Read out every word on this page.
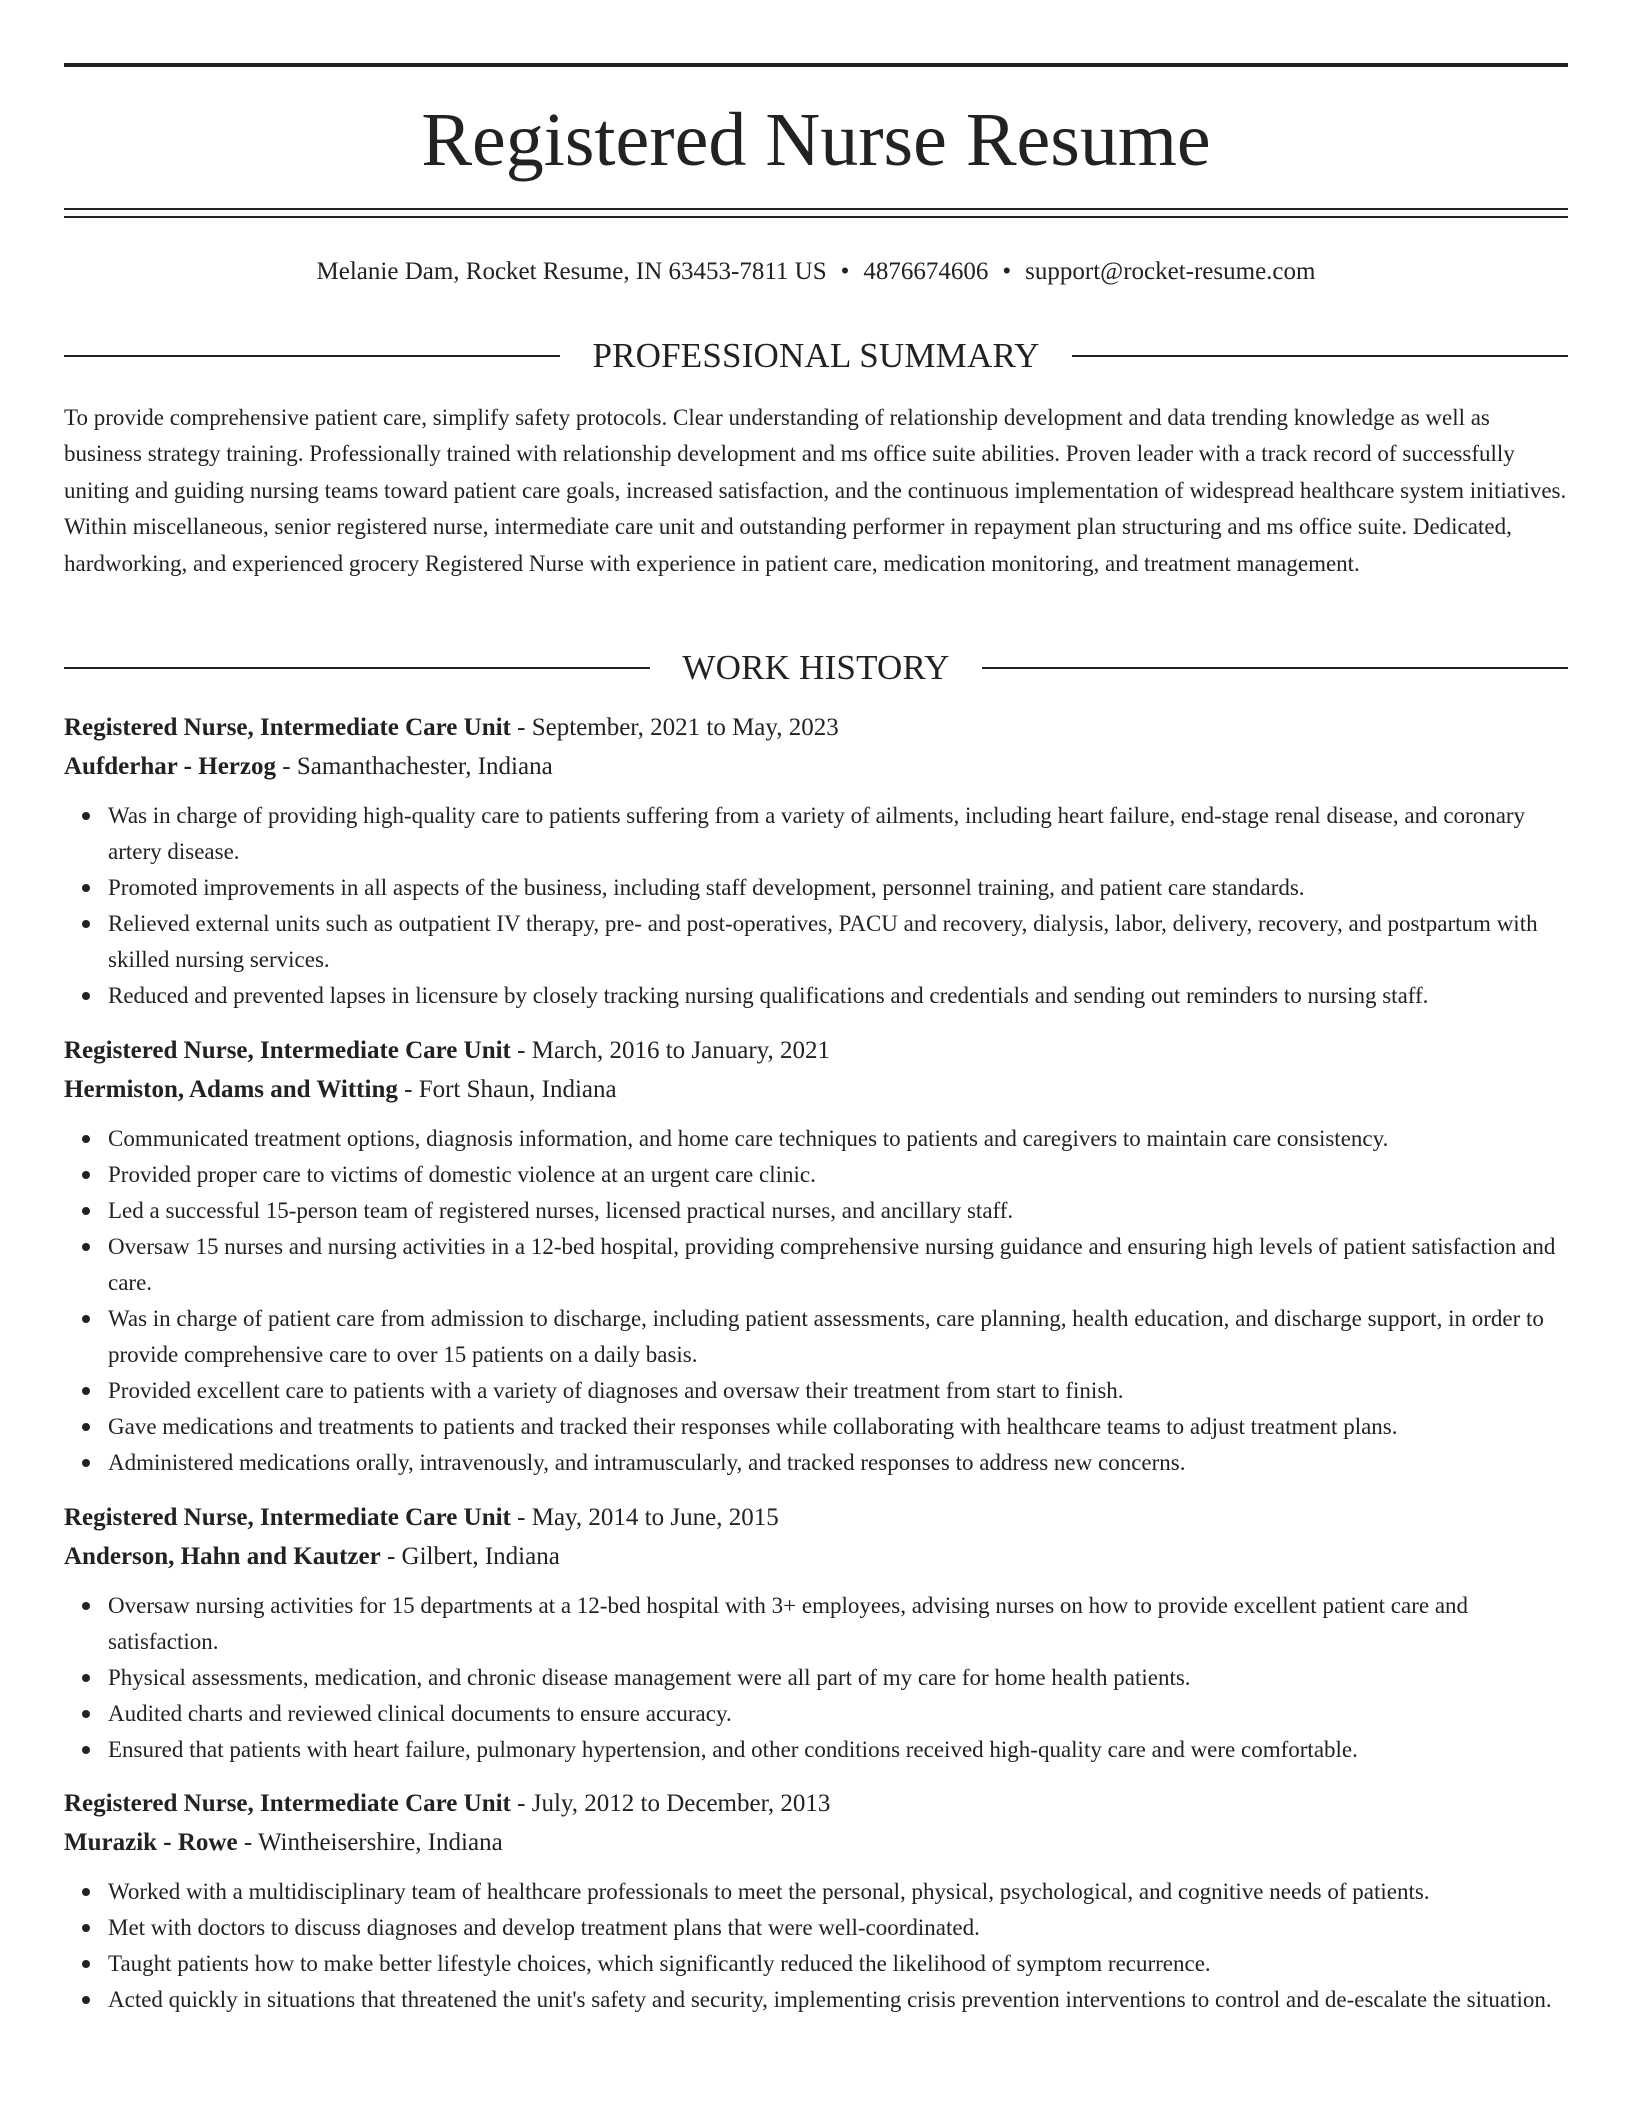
Registered Nurse Resume
Melanie Dam, Rocket Resume, IN 63453-7811 US • 4876674606 • support@rocket-resume.com
PROFESSIONAL SUMMARY

To provide comprehensive patient care, simplify safety protocols. Clear understanding of relationship development and data trending knowledge as well as business strategy training. Professionally trained with relationship development and ms office suite abilities. Proven leader with a track record of successfully uniting and guiding nursing teams toward patient care goals, increased satisfaction, and the continuous implementation of widespread healthcare system initiatives. Within miscellaneous, senior registered nurse, intermediate care unit and outstanding performer in repayment plan structuring and ms office suite. Dedicated, hardworking, and experienced grocery Registered Nurse with experience in patient care, medication monitoring, and treatment management.

WORK HISTORY

Registered Nurse, Intermediate Care Unit - September, 2021 to May, 2023

Aufderhar - Herzog - Samanthachester, Indiana

Was in charge of providing high-quality care to patients suffering from a variety of ailments, including heart failure, end-stage renal disease, and coronary artery disease.
Promoted improvements in all aspects of the business, including staff development, personnel training, and patient care standards.
Relieved external units such as outpatient IV therapy, pre- and post-operatives, PACU and recovery, dialysis, labor, delivery, recovery, and postpartum with skilled nursing services.
Reduced and prevented lapses in licensure by closely tracking nursing qualifications and credentials and sending out reminders to nursing staff.

Registered Nurse, Intermediate Care Unit - March, 2016 to January, 2021

Hermiston, Adams and Witting - Fort Shaun, Indiana

Communicated treatment options, diagnosis information, and home care techniques to patients and caregivers to maintain care consistency.
Provided proper care to victims of domestic violence at an urgent care clinic.
Led a successful 15-person team of registered nurses, licensed practical nurses, and ancillary staff.
Oversaw 15 nurses and nursing activities in a 12-bed hospital, providing comprehensive nursing guidance and ensuring high levels of patient satisfaction and care.
Was in charge of patient care from admission to discharge, including patient assessments, care planning, health education, and discharge support, in order to provide comprehensive care to over 15 patients on a daily basis.
Provided excellent care to patients with a variety of diagnoses and oversaw their treatment from start to finish.
Gave medications and treatments to patients and tracked their responses while collaborating with healthcare teams to adjust treatment plans.
Administered medications orally, intravenously, and intramuscularly, and tracked responses to address new concerns.

Registered Nurse, Intermediate Care Unit - May, 2014 to June, 2015

Anderson, Hahn and Kautzer - Gilbert, Indiana

Oversaw nursing activities for 15 departments at a 12-bed hospital with 3+ employees, advising nurses on how to provide excellent patient care and satisfaction.
Physical assessments, medication, and chronic disease management were all part of my care for home health patients.
Audited charts and reviewed clinical documents to ensure accuracy.
Ensured that patients with heart failure, pulmonary hypertension, and other conditions received high-quality care and were comfortable.

Registered Nurse, Intermediate Care Unit - July, 2012 to December, 2013

Murazik - Rowe - Wintheisershire, Indiana

Worked with a multidisciplinary team of healthcare professionals to meet the personal, physical, psychological, and cognitive needs of patients.
Met with doctors to discuss diagnoses and develop treatment plans that were well-coordinated.
Taught patients how to make better lifestyle choices, which significantly reduced the likelihood of symptom recurrence.
Acted quickly in situations that threatened the unit's safety and security, implementing crisis prevention interventions to control and de-escalate the situation.
